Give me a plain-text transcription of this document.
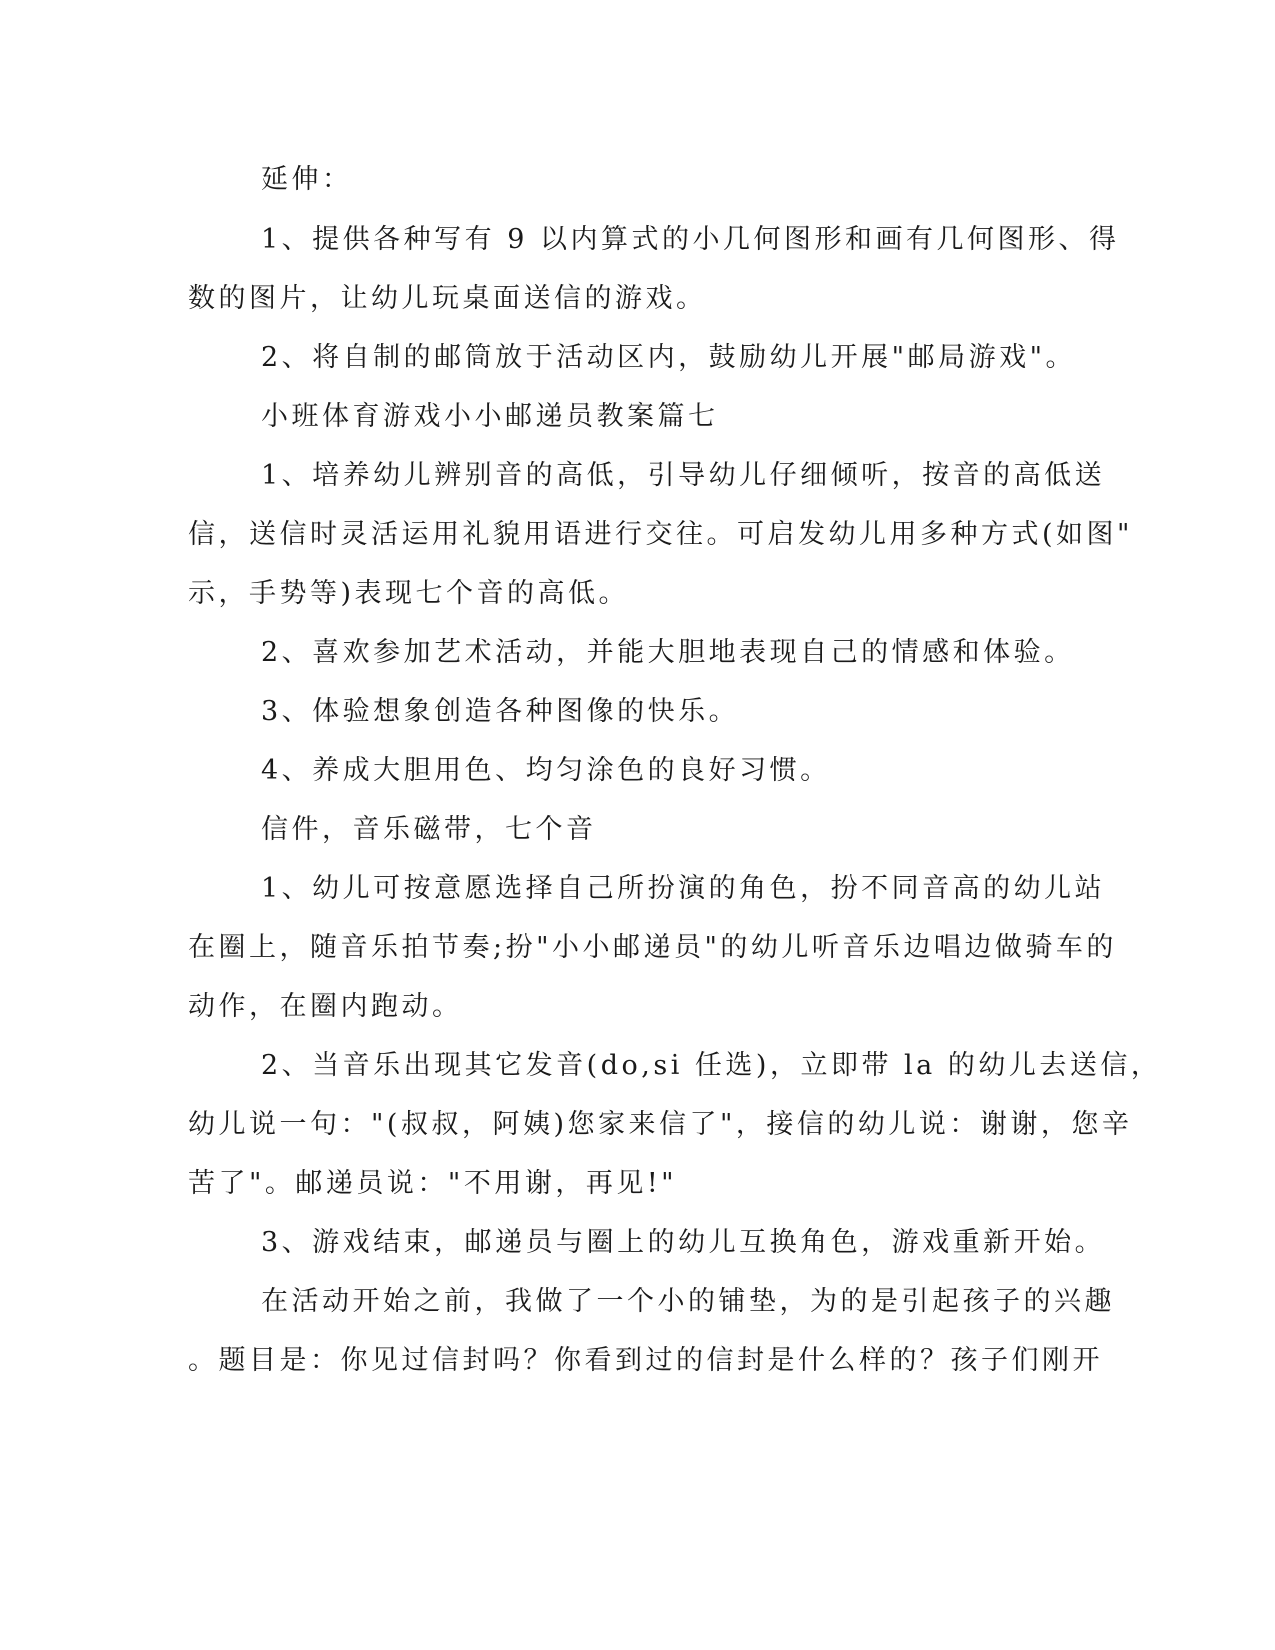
延伸：
1、提供各种写有 9 以内算式的小几何图形和画有几何图形、得
数的图片，让幼儿玩桌面送信的游戏。
2、将自制的邮筒放于活动区内，鼓励幼儿开展"邮局游戏"。
小班体育游戏小小邮递员教案篇七
1、培养幼儿辨别音的高低，引导幼儿仔细倾听，按音的高低送
信，送信时灵活运用礼貌用语进行交往。可启发幼儿用多种方式(如图"
示，手势等)表现七个音的高低。
2、喜欢参加艺术活动，并能大胆地表现自己的情感和体验。
3、体验想象创造各种图像的快乐。
4、养成大胆用色、均匀涂色的良好习惯。
信件，音乐磁带，七个音
1、幼儿可按意愿选择自己所扮演的角色，扮不同音高的幼儿站
在圈上，随音乐拍节奏;扮"小小邮递员"的幼儿听音乐边唱边做骑车的
动作，在圈内跑动。
2、当音乐出现其它发音(do,si 任选)，立即带 la 的幼儿去送信，
幼儿说一句："(叔叔，阿姨)您家来信了"，接信的幼儿说：谢谢，您辛
苦了"。邮递员说："不用谢，再见!"
3、游戏结束，邮递员与圈上的幼儿互换角色，游戏重新开始。
在活动开始之前，我做了一个小的铺垫，为的是引起孩子的兴趣
。题目是：你见过信封吗？你看到过的信封是什么样的？孩子们刚开
